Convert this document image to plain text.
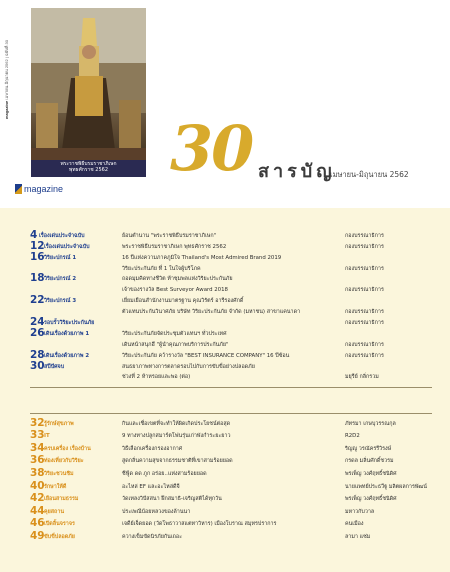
magazine เมษายน-มิถุนายน 2562 | ฉบับที่ 30
พระราชพิธีบรมราชาภิเษก
พุทธศักราช 2562
magazine
30 สารบัญ
เมษายน-มิถุนายน 2562
4 เรื่องเด่นประจำฉบับ	ย้อนตำนาน "พระราชพิธีบรมราชาภิเษก"	กองบรรณาธิการ
12 เรื่องเด่นประจำฉบับ	พระราชพิธีบรมราชาภิเษก พุทธศักราช 2562	กองบรรณาธิการ
16 วิริยะปกรณ์ 1	16 ปีแห่งความภาคภูมิใจ Thailand's Most Admired Brand 2019
วิริยะประกันภัย ที่ 1 ในใจผู้บริโภค	กองบรรณาธิการ
18 วิริยะปกรณ์ 2	ถอดมุมคิดทางชีวิต ท้าชุมพลแห่งวิริยะประกันภัย
เจ้าของรางวัล Best Surveyor Award 2018	กองบรรณาธิการ
22 วิริยะปกรณ์ 3	เยี่ยมเยือนสำนักงานมาตรฐาน คุณวิรัตร์ อารีรองศักดิ์
ตัวแทนประกันวินาศภัย บริษัท วิริยะประกันภัย จำกัด (มหาชน) สาขาแคนาดา	กองบรรณาธิการ
24 รอบรั้ววิริยะประกันภัย	กองบรรณาธิการ
26 เดินเรื่องด้วยภาพ 1	วิริยะประกันภัยจัดประชุมตัวแทนฯ ทั่วประเทศ
เดินหน้าสนุกฮึ "ผู้นำคุณภาพบริการประกันภัย"	กองบรรณาธิการ
28 เดินเรื่องด้วยภาพ 2	วิริยะประกันภัย คว้ารางวัล "BEST INSURANCE COMPANY" 16 ปีซ้อน	กองบรรณาธิการ
30 สปีปัศจบ	สนธยาภาพทางการตลาดรอบไปกับการขับขี่อย่างปลอดภัย
ช่วงที่ 2 ห้าหรอยและพอ (ต่อ)	มยุรีย์ กลิ่กรวม
32 รู้รักษ์สุขภาพ	กินและเชื่อเขตที่จะทำให้ผิดเกิดประโยชน์ต่อสุด	ภัทรมา เกษบุวรรณกุล
33 IT	9 ทางทางปลูกสมาร์ตโฟนรุ่นเก่าพังกำระยะยาว	R2D2
34 ครบเครื่อง เรื่องบ้าน	วิธีเลือกเครื่องกรองอากาศ	ริญญู วรณัครรีวิรงษ์
36 ท่องเที่ยวกับวิริยะ	สูดกลิ่นความสุขจากธรรมชาติที่เขาสามร้อยยอด	กรดล มลิ่นศักดิ์ชวรม
38 วิริยะชวนชิม	ชีฟู้ด ดด ภูก อร่อย..แห่งสามร้อยยอด	พรเพ็ญ วงศ์ฤทธิ์ชนิดิศ
40 รักษาให้ดี	อะไหล่ EF และอะไหล่ดีจี	นายแพทย์ประธวีฐู มลิตผลการพัฒน์
42 เยือนสามธรรม	วัดเทลงวิปัสสนา ฝึกสมาธิ-เจริญสติได้ทุกวัน	พรเพ็ญ วงศ์ฤทธิ์ชนิดิศ
44 คุยสถาน	ประเพณีบ้อยหลวงของล้านนา	มหาวกับวาล
46 เปิดลิ้นจราจร	เจดีย์เจ็ดยอด (วัดโพธาวาสแตทาวิหาร) เมืองโบราณ สมุทรปราการ	คนเมือง
49 ขับขี่ปลอดภัย	ควางเข็มขัดนิรภัยกันเถอะ	ลามา แซ่ม
